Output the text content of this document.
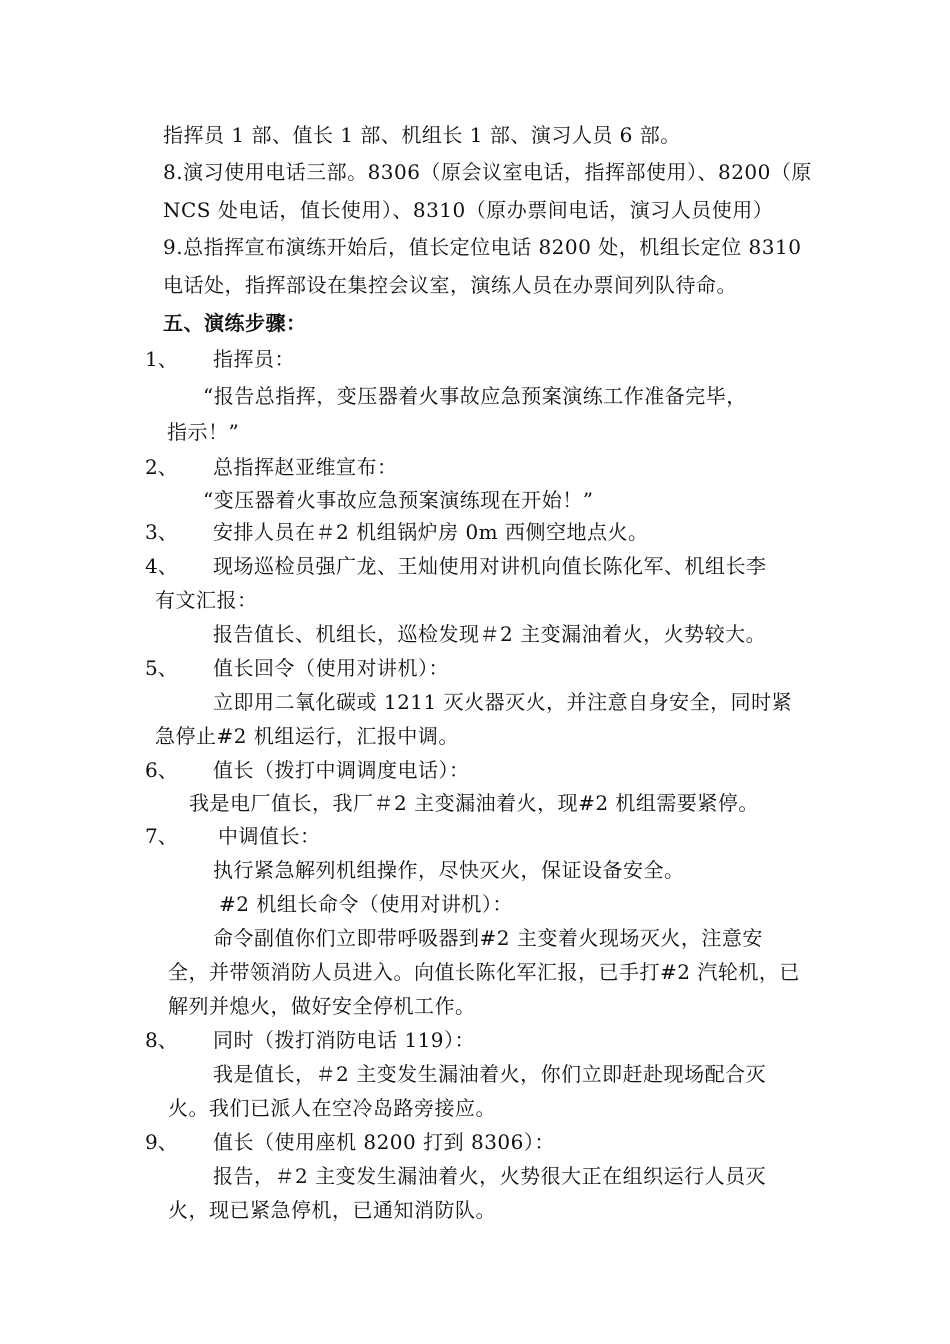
指挥员 1 部、值长 1 部、机组长 1 部、演习人员 6 部。
8.演习使用电话三部。8306（原会议室电话，指挥部使用）、8200（原
NCS 处电话，值长使用）、8310（原办票间电话，演习人员使用）
9.总指挥宣布演练开始后，值长定位电话 8200 处，机组长定位 8310
电话处，指挥部设在集控会议室，演练人员在办票间列队待命。
五、演练步骤：
1、 指挥员：
“报告总指挥，变压器着火事故应急预案演练工作准备完毕，
指示！”
2、 总指挥赵亚维宣布：
“变压器着火事故应急预案演练现在开始！”
3、 安排人员在＃2 机组锅炉房 0m 西侧空地点火。
4、 现场巡检员强广龙、王灿使用对讲机向值长陈化军、机组长李
有文汇报：
报告值长、机组长，巡检发现＃2 主变漏油着火，火势较大。
5、 值长回令（使用对讲机）：
立即用二氧化碳或 1211 灭火器灭火，并注意自身安全，同时紧
急停止#2 机组运行，汇报中调。
6、 值长（拨打中调调度电话）：
我是电厂值长，我厂＃2 主变漏油着火，现#2 机组需要紧停。
7、 中调值长：
执行紧急解列机组操作，尽快灭火，保证设备安全。
#2 机组长命令（使用对讲机）：
命令副值你们立即带呼吸器到#2 主变着火现场灭火，注意安
全，并带领消防人员进入。向值长陈化军汇报，已手打#2 汽轮机，已
解列并熄火，做好安全停机工作。
8、 同时（拨打消防电话 119）：
我是值长，＃2 主变发生漏油着火，你们立即赶赴现场配合灭
火。我们已派人在空冷岛路旁接应。
9、 值长（使用座机 8200 打到 8306）：
报告，＃2 主变发生漏油着火，火势很大正在组织运行人员灭
火，现已紧急停机，已通知消防队。
